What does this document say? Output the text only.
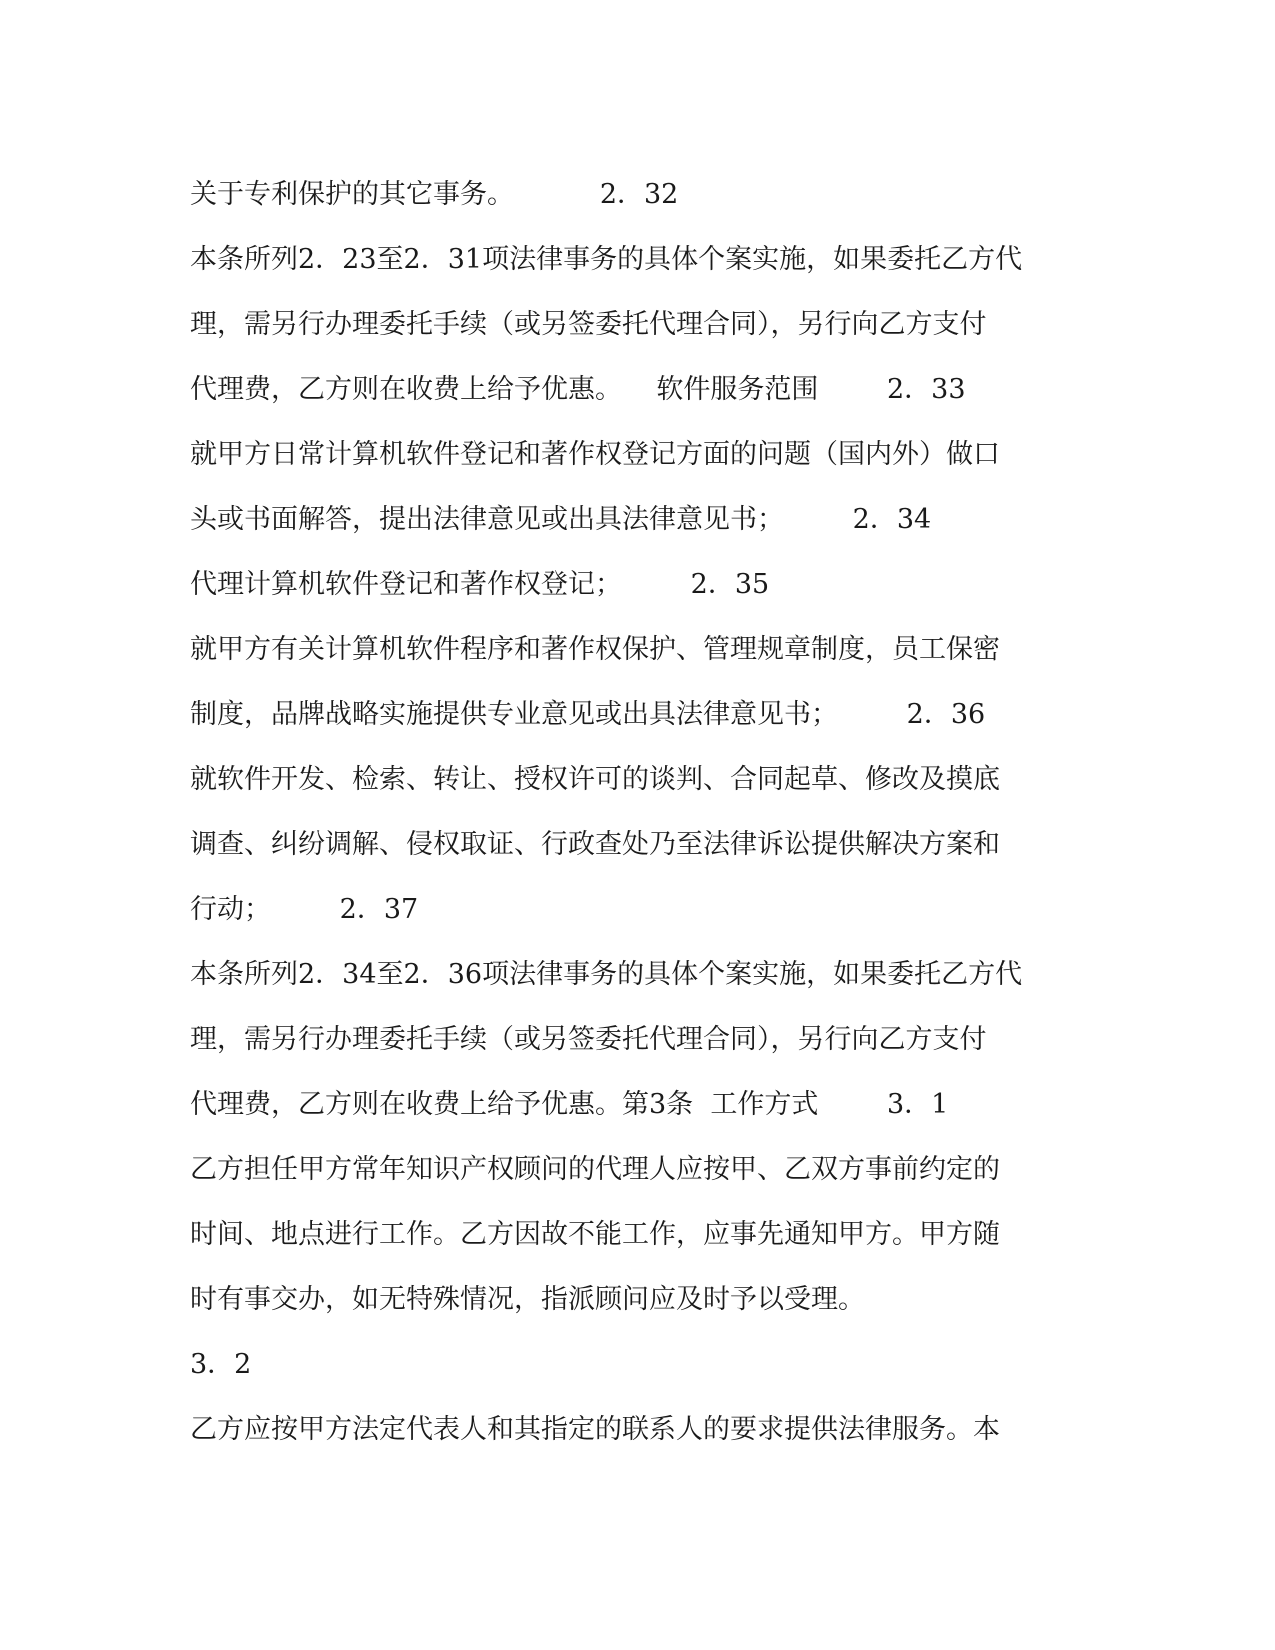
关于专利保护的其它事务。          2．32
本条所列2．23至2．31项法律事务的具体个案实施，如果委托乙方代
理，需另行办理委托手续（或另签委托代理合同），另行向乙方支付
代理费，乙方则在收费上给予优惠。    软件服务范围        2．33
就甲方日常计算机软件登记和著作权登记方面的问题（国内外）做口
头或书面解答，提出法律意见或出具法律意见书；        2．34
代理计算机软件登记和著作权登记；        2．35
就甲方有关计算机软件程序和著作权保护、管理规章制度，员工保密
制度，品牌战略实施提供专业意见或出具法律意见书；        2．36
就软件开发、检索、转让、授权许可的谈判、合同起草、修改及摸底
调查、纠纷调解、侵权取证、行政查处乃至法律诉讼提供解决方案和
行动；        2．37
本条所列2．34至2．36项法律事务的具体个案实施，如果委托乙方代
理，需另行办理委托手续（或另签委托代理合同），另行向乙方支付
代理费，乙方则在收费上给予优惠。第3条  工作方式        3．1
乙方担任甲方常年知识产权顾问的代理人应按甲、乙双方事前约定的
时间、地点进行工作。乙方因故不能工作，应事先通知甲方。甲方随
时有事交办，如无特殊情况，指派顾问应及时予以受理。
3．2
乙方应按甲方法定代表人和其指定的联系人的要求提供法律服务。本
